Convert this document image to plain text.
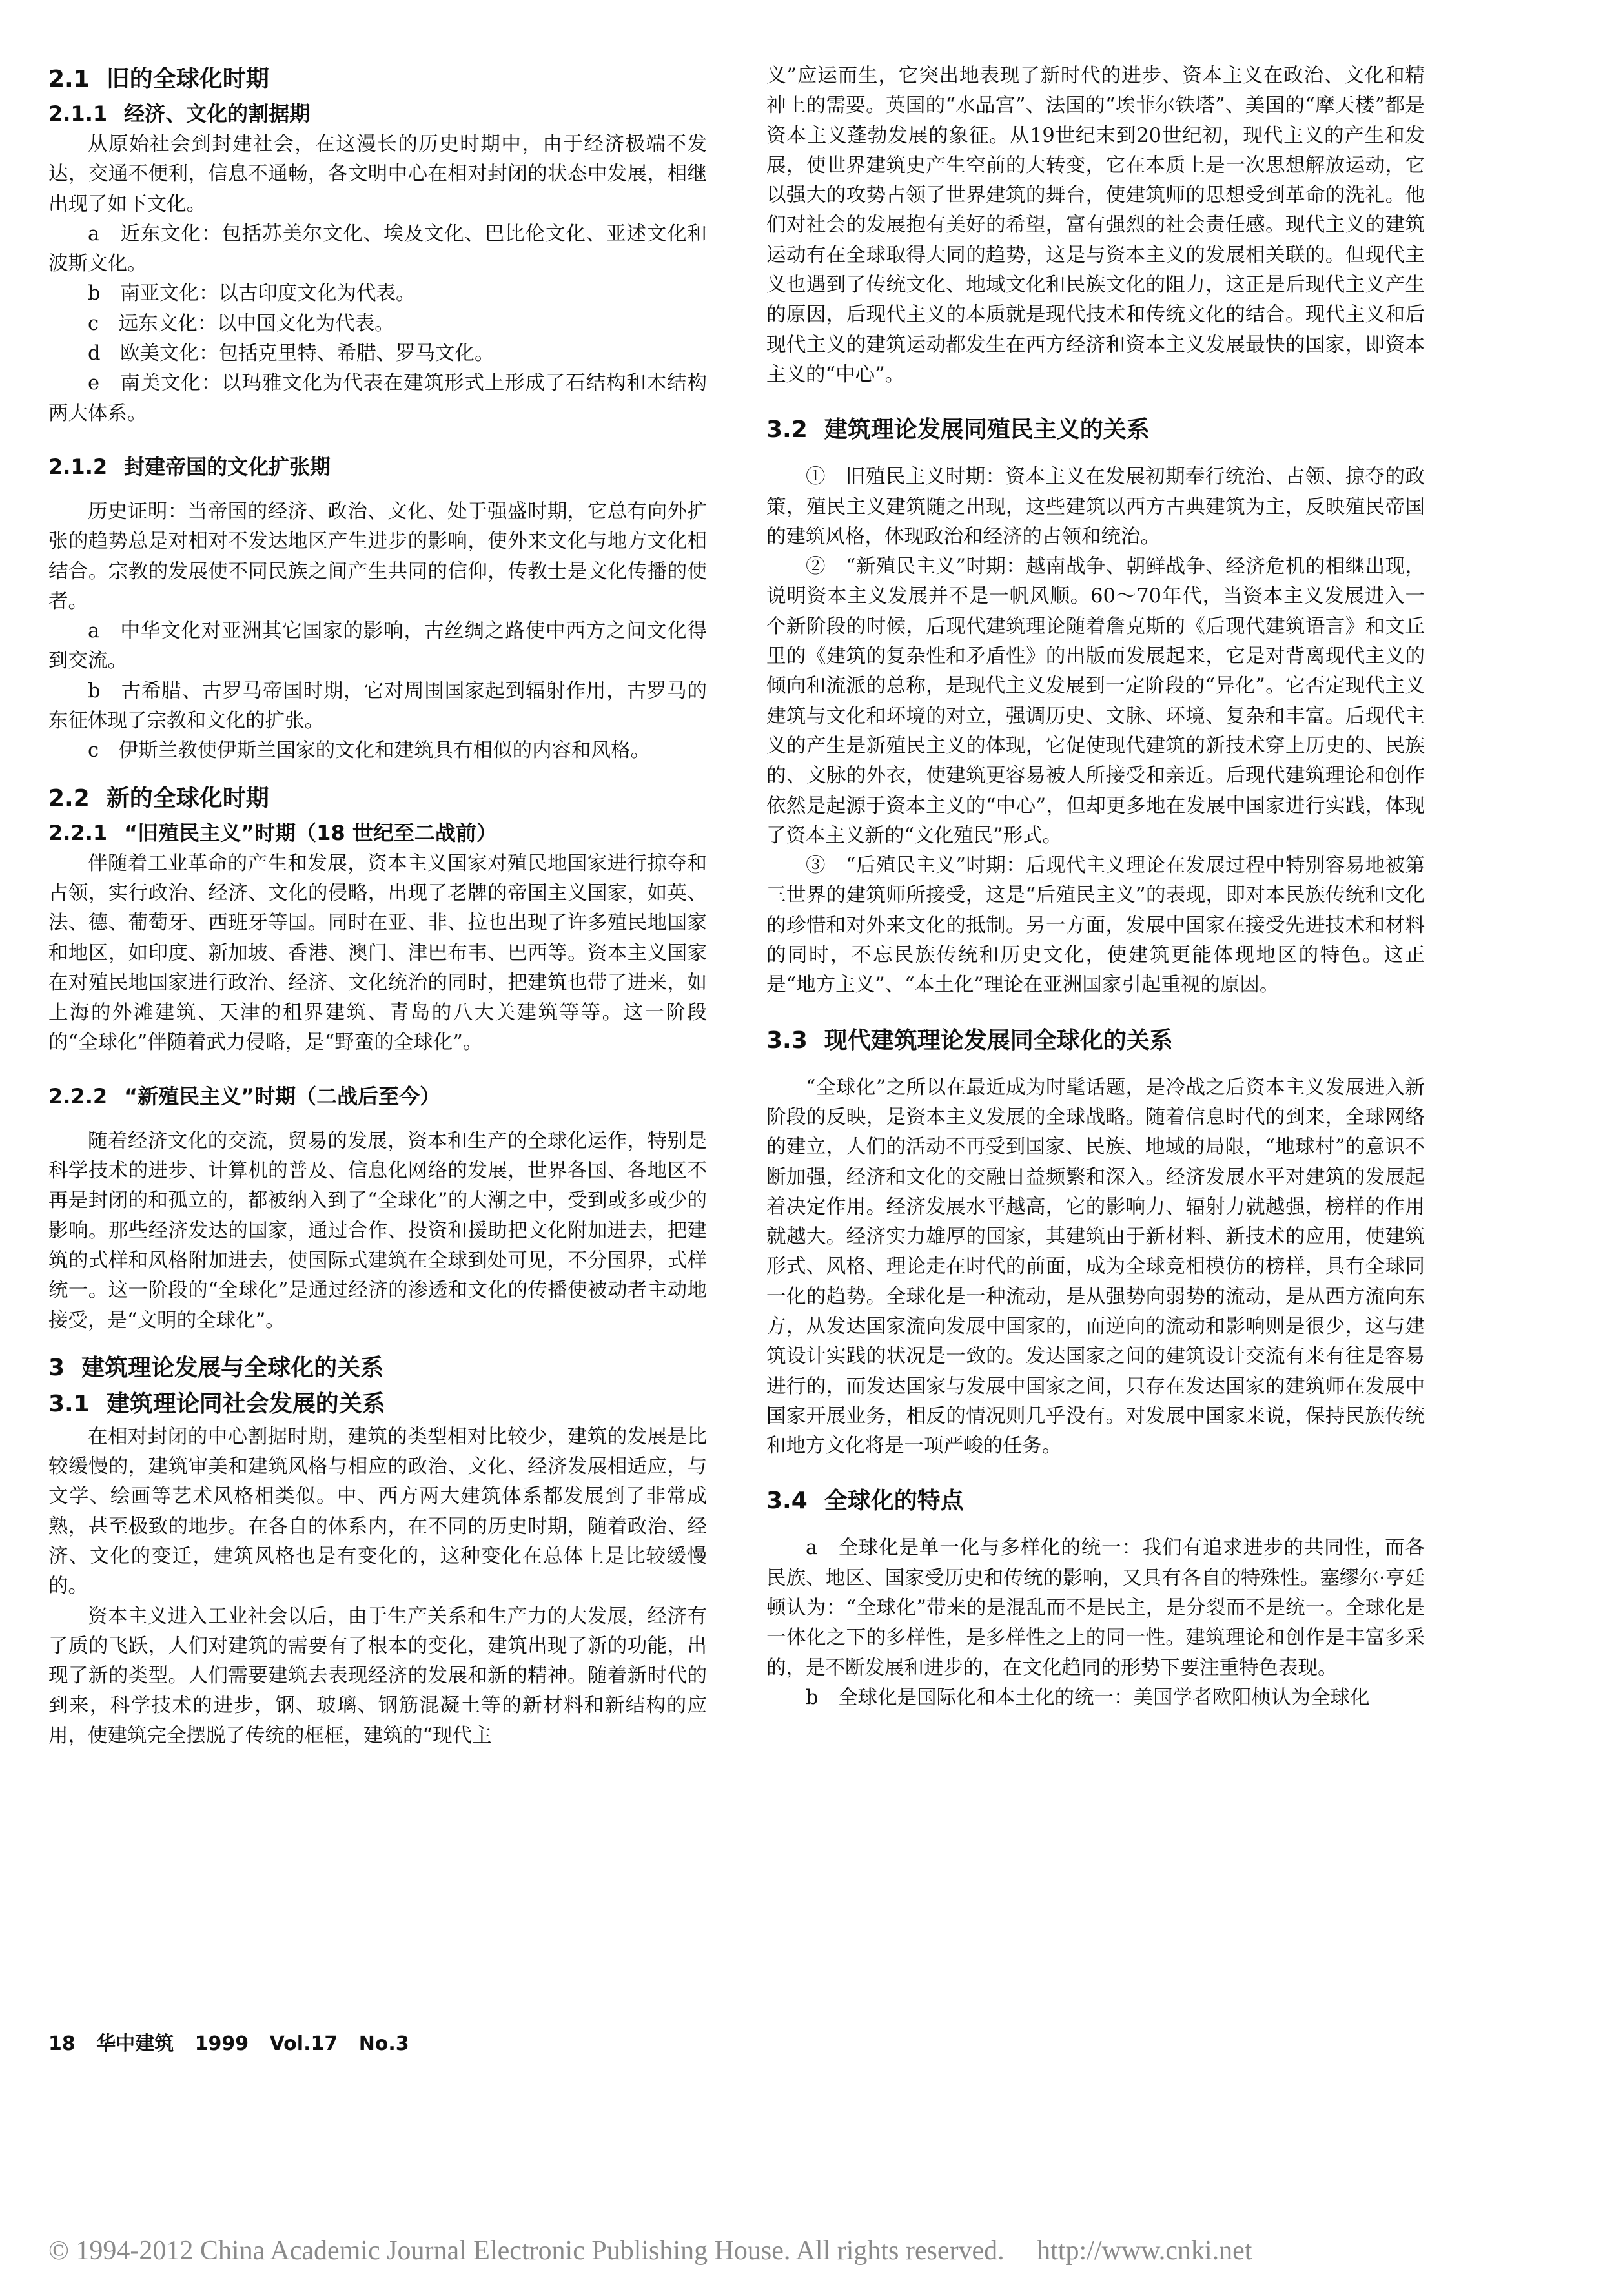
2.1 旧的全球化时期
2.1.1 经济、文化的割据期

从原始社会到封建社会，在这漫长的历史时期中，由于经济极端不发达，交通不便利，信息不通畅，各文明中心在相对封闭的状态中发展，相继出现了如下文化。

a　近东文化：包括苏美尔文化、埃及文化、巴比伦文化、亚述文化和波斯文化。

b　南亚文化：以古印度文化为代表。

c　远东文化：以中国文化为代表。

d　欧美文化：包括克里特、希腊、罗马文化。

e　南美文化：以玛雅文化为代表在建筑形式上形成了石结构和木结构两大体系。

2.1.2 封建帝国的文化扩张期

历史证明：当帝国的经济、政治、文化、处于强盛时期，它总有向外扩张的趋势总是对相对不发达地区产生进步的影响，使外来文化与地方文化相结合。宗教的发展使不同民族之间产生共同的信仰，传教士是文化传播的使者。

a　中华文化对亚洲其它国家的影响，古丝绸之路使中西方之间文化得到交流。

b　古希腊、古罗马帝国时期，它对周围国家起到辐射作用，古罗马的东征体现了宗教和文化的扩张。

c　伊斯兰教使伊斯兰国家的文化和建筑具有相似的内容和风格。

2.2 新的全球化时期
2.2.1 “旧殖民主义”时期（18 世纪至二战前）

伴随着工业革命的产生和发展，资本主义国家对殖民地国家进行掠夺和占领，实行政治、经济、文化的侵略，出现了老牌的帝国主义国家，如英、法、德、葡萄牙、西班牙等国。同时在亚、非、拉也出现了许多殖民地国家和地区，如印度、新加坡、香港、澳门、津巴布韦、巴西等。资本主义国家在对殖民地国家进行政治、经济、文化统治的同时，把建筑也带了进来，如上海的外滩建筑、天津的租界建筑、青岛的八大关建筑等等。这一阶段的“全球化”伴随着武力侵略，是“野蛮的全球化”。

2.2.2 “新殖民主义”时期（二战后至今）

随着经济文化的交流，贸易的发展，资本和生产的全球化运作，特别是科学技术的进步、计算机的普及、信息化网络的发展，世界各国、各地区不再是封闭的和孤立的，都被纳入到了“全球化”的大潮之中，受到或多或少的影响。那些经济发达的国家，通过合作、投资和援助把文化附加进去，把建筑的式样和风格附加进去，使国际式建筑在全球到处可见，不分国界，式样统一。这一阶段的“全球化”是通过经济的渗透和文化的传播使被动者主动地接受，是“文明的全球化”。

3 建筑理论发展与全球化的关系
3.1 建筑理论同社会发展的关系

在相对封闭的中心割据时期，建筑的类型相对比较少，建筑的发展是比较缓慢的，建筑审美和建筑风格与相应的政治、文化、经济发展相适应，与文学、绘画等艺术风格相类似。中、西方两大建筑体系都发展到了非常成熟，甚至极致的地步。在各自的体系内，在不同的历史时期，随着政治、经济、文化的变迁，建筑风格也是有变化的，这种变化在总体上是比较缓慢的。

资本主义进入工业社会以后，由于生产关系和生产力的大发展，经济有了质的飞跃，人们对建筑的需要有了根本的变化，建筑出现了新的功能，出现了新的类型。人们需要建筑去表现经济的发展和新的精神。随着新时代的到来，科学技术的进步，钢、玻璃、钢筋混凝土等的新材料和新结构的应用，使建筑完全摆脱了传统的框框，建筑的“现代主

义”应运而生，它突出地表现了新时代的进步、资本主义在政治、文化和精神上的需要。英国的“水晶宫”、法国的“埃菲尔铁塔”、美国的“摩天楼”都是资本主义蓬勃发展的象征。从19世纪末到20世纪初，现代主义的产生和发展，使世界建筑史产生空前的大转变，它在本质上是一次思想解放运动，它以强大的攻势占领了世界建筑的舞台，使建筑师的思想受到革命的洗礼。他们对社会的发展抱有美好的希望，富有强烈的社会责任感。现代主义的建筑运动有在全球取得大同的趋势，这是与资本主义的发展相关联的。但现代主义也遇到了传统文化、地域文化和民族文化的阻力，这正是后现代主义产生的原因，后现代主义的本质就是现代技术和传统文化的结合。现代主义和后现代主义的建筑运动都发生在西方经济和资本主义发展最快的国家，即资本主义的“中心”。

3.2 建筑理论发展同殖民主义的关系

①　旧殖民主义时期：资本主义在发展初期奉行统治、占领、掠夺的政策，殖民主义建筑随之出现，这些建筑以西方古典建筑为主，反映殖民帝国的建筑风格，体现政治和经济的占领和统治。

②　“新殖民主义”时期：越南战争、朝鲜战争、经济危机的相继出现，说明资本主义发展并不是一帆风顺。60～70年代，当资本主义发展进入一个新阶段的时候，后现代建筑理论随着詹克斯的《后现代建筑语言》和文丘里的《建筑的复杂性和矛盾性》的出版而发展起来，它是对背离现代主义的倾向和流派的总称，是现代主义发展到一定阶段的“异化”。它否定现代主义建筑与文化和环境的对立，强调历史、文脉、环境、复杂和丰富。后现代主义的产生是新殖民主义的体现，它促使现代建筑的新技术穿上历史的、民族的、文脉的外衣，使建筑更容易被人所接受和亲近。后现代建筑理论和创作依然是起源于资本主义的“中心”，但却更多地在发展中国家进行实践，体现了资本主义新的“文化殖民”形式。

③　“后殖民主义”时期：后现代主义理论在发展过程中特别容易地被第三世界的建筑师所接受，这是“后殖民主义”的表现，即对本民族传统和文化的珍惜和对外来文化的抵制。另一方面，发展中国家在接受先进技术和材料的同时，不忘民族传统和历史文化，使建筑更能体现地区的特色。这正是“地方主义”、“本土化”理论在亚洲国家引起重视的原因。

3.3 现代建筑理论发展同全球化的关系

“全球化”之所以在最近成为时髦话题，是冷战之后资本主义发展进入新阶段的反映，是资本主义发展的全球战略。随着信息时代的到来，全球网络的建立，人们的活动不再受到国家、民族、地域的局限，“地球村”的意识不断加强，经济和文化的交融日益频繁和深入。经济发展水平对建筑的发展起着决定作用。经济发展水平越高，它的影响力、辐射力就越强，榜样的作用就越大。经济实力雄厚的国家，其建筑由于新材料、新技术的应用，使建筑形式、风格、理论走在时代的前面，成为全球竞相模仿的榜样，具有全球同一化的趋势。全球化是一种流动，是从强势向弱势的流动，是从西方流向东方，从发达国家流向发展中国家的，而逆向的流动和影响则是很少，这与建筑设计实践的状况是一致的。发达国家之间的建筑设计交流有来有往是容易进行的，而发达国家与发展中国家之间，只存在发达国家的建筑师在发展中国家开展业务，相反的情况则几乎没有。对发展中国家来说，保持民族传统和地方文化将是一项严峻的任务。

3.4 全球化的特点

a　全球化是单一化与多样化的统一：我们有追求进步的共同性，而各民族、地区、国家受历史和传统的影响，又具有各自的特殊性。塞缪尔·亨廷顿认为：“全球化”带来的是混乱而不是民主，是分裂而不是统一。全球化是一体化之下的多样性，是多样性之上的同一性。建筑理论和创作是丰富多采的，是不断发展和进步的，在文化趋同的形势下要注重特色表现。

b　全球化是国际化和本土化的统一：美国学者欧阳桢认为全球化

18 华中建筑 1999 Vol.17 No.3
© 1994-2012 China Academic Journal Electronic Publishing House. All rights reserved. http://www.cnki.net
